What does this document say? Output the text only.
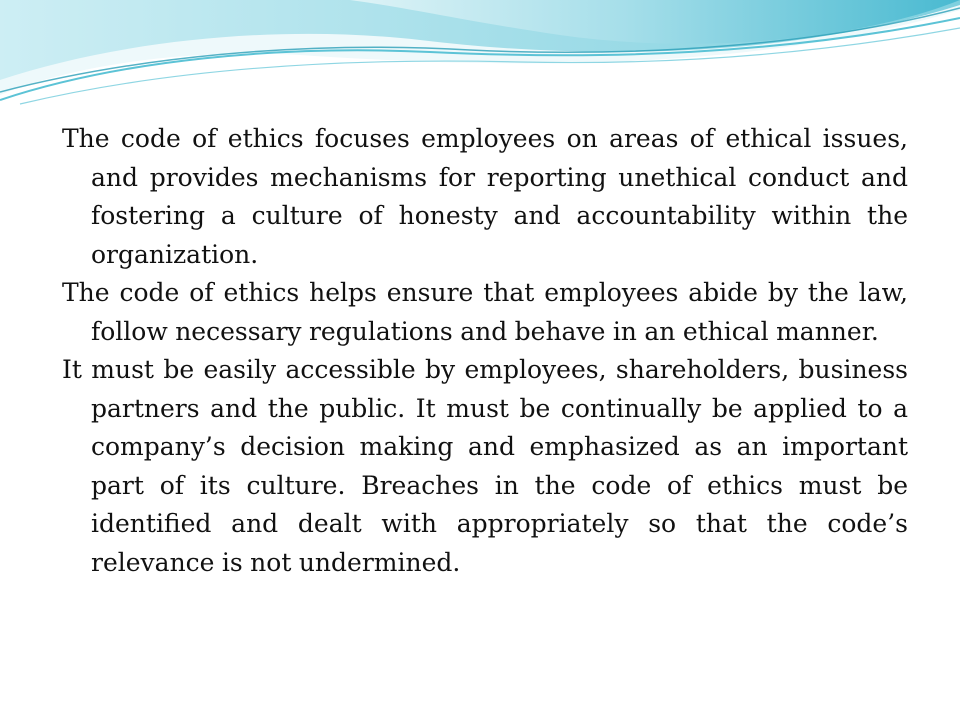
The code of ethics focuses employees on areas of ethical issues, and provides mechanisms for reporting unethical conduct and fostering a culture of honesty and accountability within the organization.

The code of ethics helps ensure that employees abide by the law, follow necessary regulations and behave in an ethical manner.

It must be easily accessible by employees, shareholders, business partners and the public. It must be continually be applied to a company’s decision making and emphasized as an important part of its culture. Breaches in the code of ethics must be identified and dealt with appropriately so that the code’s relevance is not undermined.
